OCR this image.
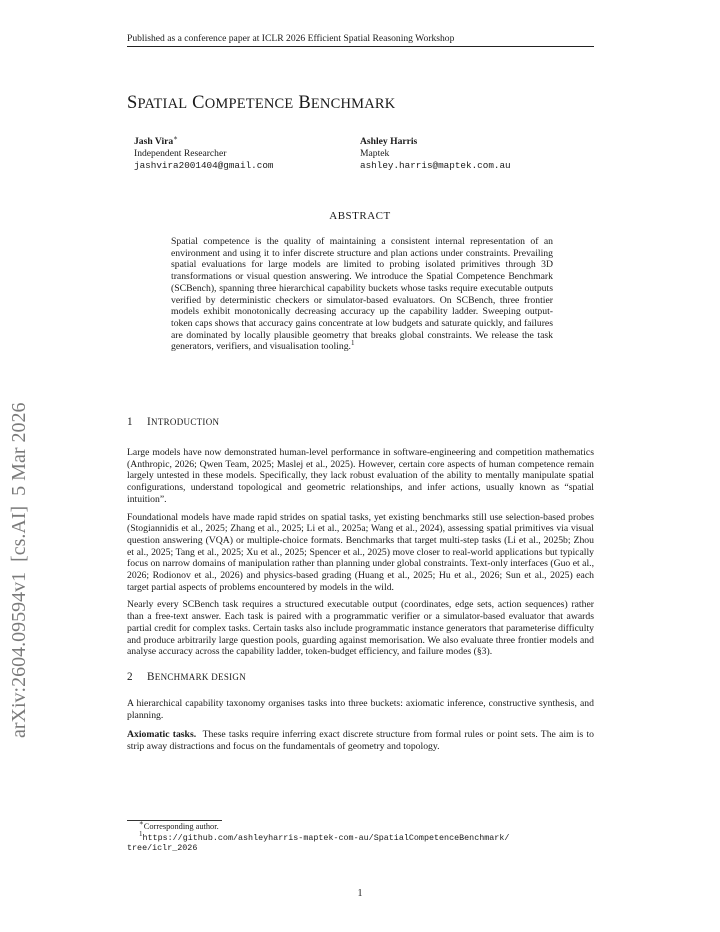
arXiv:2604.09594v1  [cs.AI]  5 Mar 2026
Published as a conference paper at ICLR 2026 Efficient Spatial Reasoning Workshop
SPATIAL COMPETENCE BENCHMARK
Jash Vira∗
Independent Researcher
jashvira2001404@gmail.com
Ashley Harris
Maptek
ashley.harris@maptek.com.au
ABSTRACT
Spatial competence is the quality of maintaining a consistent internal representation of an environment and using it to infer discrete structure and plan actions under constraints. Prevailing spatial evaluations for large models are limited to probing isolated primitives through 3D transformations or visual question answering. We introduce the Spatial Competence Benchmark (SCBench), spanning three hierarchical capability buckets whose tasks require executable outputs verified by deterministic checkers or simulator-based evaluators. On SCBench, three frontier models exhibit monotonically decreasing accuracy up the capability ladder. Sweeping output-token caps shows that accuracy gains concentrate at low budgets and saturate quickly, and failures are dominated by locally plausible geometry that breaks global constraints. We release the task generators, verifiers, and visualisation tooling.$^1$
1 INTRODUCTION

Large models have now demonstrated human-level performance in software-engineering and competition mathematics (Anthropic, 2026; Qwen Team, 2025; Maslej et al., 2025). However, certain core aspects of human competence remain largely untested in these models. Specifically, they lack robust evaluation of the ability to mentally manipulate spatial configurations, understand topological and geometric relationships, and infer actions, usually known as “spatial intuition”.

Foundational models have made rapid strides on spatial tasks, yet existing benchmarks still use selection-based probes (Stogiannidis et al., 2025; Zhang et al., 2025; Li et al., 2025a; Wang et al., 2024), assessing spatial primitives via visual question answering (VQA) or multiple-choice formats. Benchmarks that target multi-step tasks (Li et al., 2025b; Zhou et al., 2025; Tang et al., 2025; Xu et al., 2025; Spencer et al., 2025) move closer to real-world applications but typically focus on narrow domains of manipulation rather than planning under global constraints. Text-only interfaces (Guo et al., 2026; Rodionov et al., 2026) and physics-based grading (Huang et al., 2025; Hu et al., 2026; Sun et al., 2025) each target partial aspects of problems encountered by models in the wild.

Nearly every SCBench task requires a structured executable output (coordinates, edge sets, action sequences) rather than a free-text answer. Each task is paired with a programmatic verifier or a simulator-based evaluator that awards partial credit for complex tasks. Certain tasks also include programmatic instance generators that parameterise difficulty and produce arbitrarily large question pools, guarding against memorisation. We also evaluate three frontier models and analyse accuracy across the capability ladder, token-budget efficiency, and failure modes (§3).

2 BENCHMARK DESIGN

A hierarchical capability taxonomy organises tasks into three buckets: axiomatic inference, constructive synthesis, and planning.

Axiomatic tasks. These tasks require inferring exact discrete structure from formal rules or point sets. The aim is to strip away distractions and focus on the fundamentals of geometry and topology.

∗Corresponding author.
$^1$https://github.com/ashleyharris-maptek-com-au/SpatialCompetenceBenchmark/
tree/iclr_2026
1
